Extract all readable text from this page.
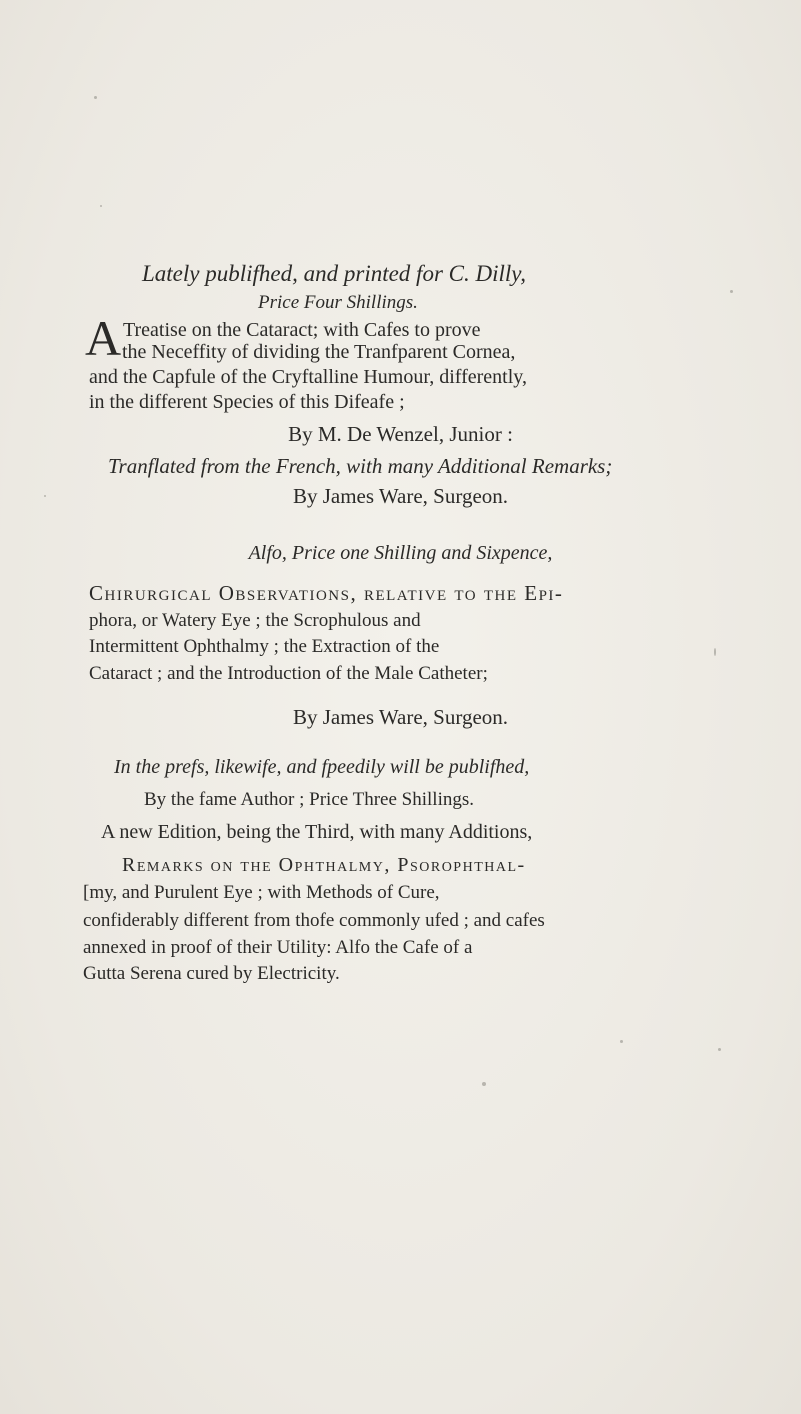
Lately publifhed, and printed for C. Dilly,
Price Four Shillings.
A Treatise on the Cataract; with Cafes to prove
the Neceffity of dividing the Tranfparent Cornea,
and the Capfule of the Cryftalline Humour, differently,
in the different Species of this Difeafe ;
By M. De Wenzel, Junior :
Tranflated from the French, with many Additional Remarks;
By James Ware, Surgeon.
Alfo, Price one Shilling and Sixpence,
Chirurgical Observations, relative to the Epi-
phora, or Watery Eye ; the Scrophulous and
Intermittent Ophthalmy ; the Extraction of the
Cataract ; and the Introduction of the Male Catheter;
By James Ware, Surgeon.
In the prefs, likewife, and fpeedily will be publifhed,
By the fame Author ; Price Three Shillings.
A new Edition, being the Third, with many Additions,
Remarks on the Ophthalmy, Psorophthal-
[my, and Purulent Eye ; with Methods of Cure,
confiderably different from thofe commonly ufed ; and cafes
annexed in proof of their Utility: Alfo the Cafe of a
Gutta Serena cured by Electricity.
